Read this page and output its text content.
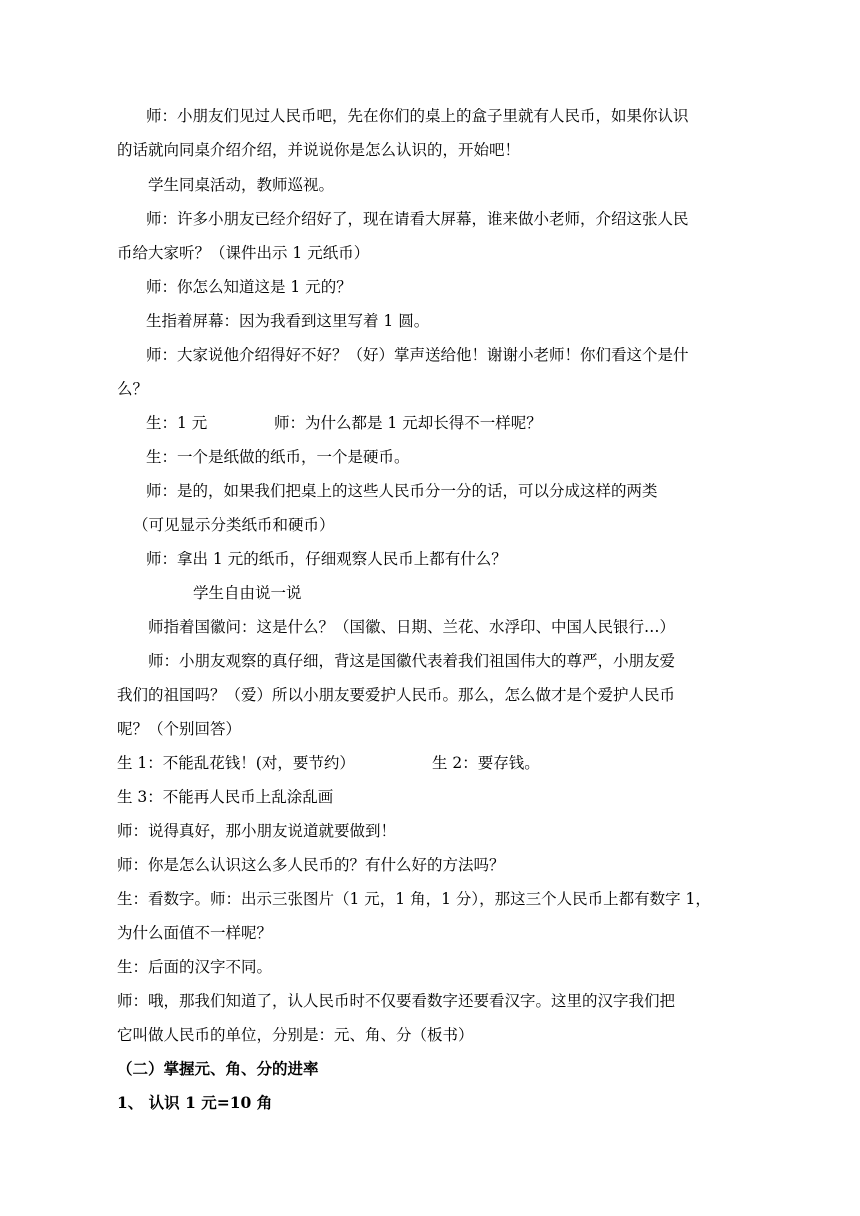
师：小朋友们见过人民币吧，先在你们的桌上的盒子里就有人民币，如果你认识
的话就向同桌介绍介绍，并说说你是怎么认识的，开始吧！
学生同桌活动，教师巡视。
师：许多小朋友已经介绍好了，现在请看大屏幕，谁来做小老师，介绍这张人民
币给大家听？（课件出示 1 元纸币）
师：你怎么知道这是 1 元的？
生指着屏幕：因为我看到这里写着 1 圆。
师：大家说他介绍得好不好？（好）掌声送给他！谢谢小老师！你们看这个是什
么？
生：1 元	师：为什么都是 1 元却长得不一样呢？
生：一个是纸做的纸币，一个是硬币。
师：是的，如果我们把桌上的这些人民币分一分的话，可以分成这样的两类
（可见显示分类纸币和硬币）
师：拿出 1 元的纸币，仔细观察人民币上都有什么？
学生自由说一说
师指着国徽问：这是什么？（国徽、日期、兰花、水浮印、中国人民银行…）
师：小朋友观察的真仔细，背这是国徽代表着我们祖国伟大的尊严，小朋友爱
我们的祖国吗？（爱）所以小朋友要爱护人民币。那么，怎么做才是个爱护人民币
呢？（个别回答）
生 1：不能乱花钱！(对，要节约）	生 2：要存钱。
生 3：不能再人民币上乱涂乱画
师：说得真好，那小朋友说道就要做到！
师：你是怎么认识这么多人民币的？有什么好的方法吗？
生：看数字。师：出示三张图片（1 元，1 角，1 分），那这三个人民币上都有数字 1，
为什么面值不一样呢？
生：后面的汉字不同。
师：哦，那我们知道了，认人民币时不仅要看数字还要看汉字。这里的汉字我们把
它叫做人民币的单位，分别是：元、角、分（板书）
（二）掌握元、角、分的进率
1、 认识 1 元=10 角
